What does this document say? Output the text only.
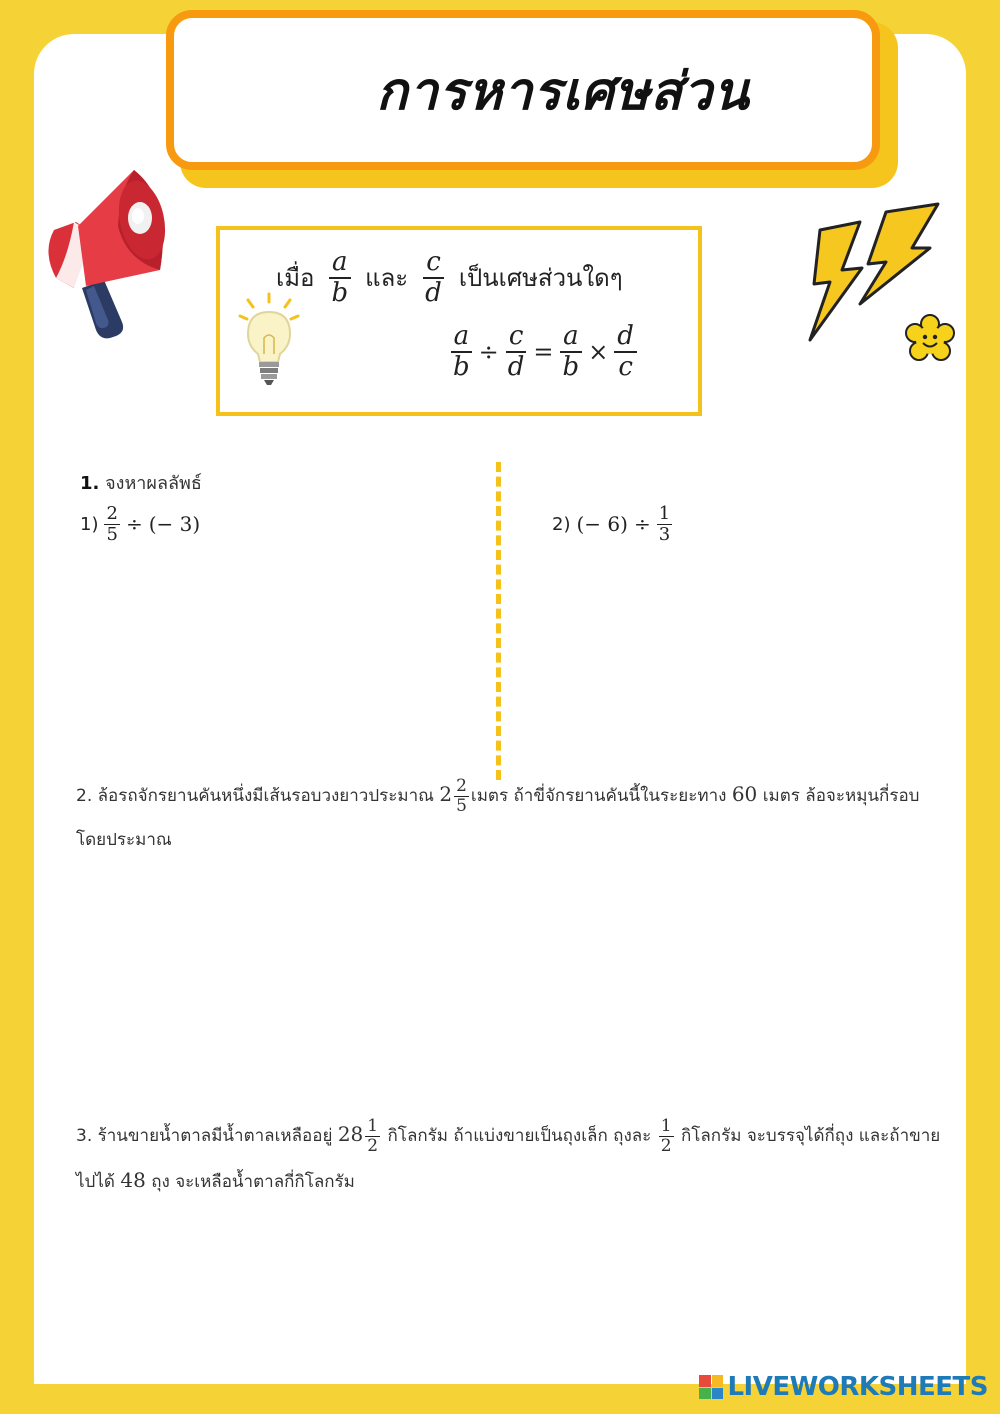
การหารเศษส่วน
เมื่อ $\frac{a}{b}$ และ $\frac{c}{d}$ เป็นเศษส่วนใดๆ
$\frac{a}{b} \div \frac{c}{d} = \frac{a}{b} \times \frac{d}{c}$
1. จงหาผลลัพธ์
$1) \frac{2}{5}$ ÷ (− 3)	2) (− $6) \div \frac{1}{3}$
2. ล้อรถจักรยานคันหนึ่งมีเส้นรอบวงยาวประมาณ $2 \frac{2}{5}$ เมตร ถ้าขี่จักรยานคันนี้ในระยะทาง 60 เมตร ล้อจะหมุนกี่รอบ
โดยประมาณ
3. ร้านขายน้ำตาลมีน้ำตาลเหลืออยู่ $28 \frac{1}{2}$ กิโลกรัม ถ้าแบ่งขายเป็นถุงเล็ก ถุงละ $\frac{1}{2}$ กิโลกรัม จะบรรจุได้กี่ถุง และถ้าขาย
ไปได้ 48 ถุง จะเหลือน้ำตาลกี่กิโลกรัม
LIVEWORKSHEETS
